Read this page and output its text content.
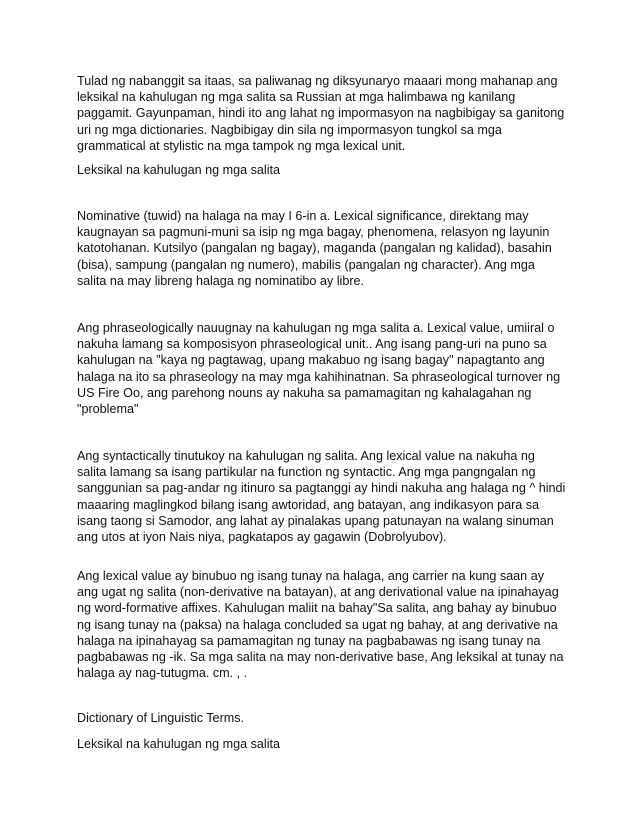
Tulad ng nabanggit sa itaas, sa paliwanag ng diksyunaryo maaari mong mahanap ang
leksikal na kahulugan ng mga salita sa Russian at mga halimbawa ng kanilang
paggamit. Gayunpaman, hindi ito ang lahat ng impormasyon na nagbibigay sa ganitong
uri ng mga dictionaries. Nagbibigay din sila ng impormasyon tungkol sa mga
grammatical at stylistic na mga tampok ng mga lexical unit.

Leksikal na kahulugan ng mga salita

Nominative (tuwid) na halaga na may I 6-in a. Lexical significance, direktang may
kaugnayan sa pagmuni-muni sa isip ng mga bagay, phenomena, relasyon ng layunin
katotohanan. Kutsilyo (pangalan ng bagay), maganda (pangalan ng kalidad), basahin
(bisa), sampung (pangalan ng numero), mabilis (pangalan ng character). Ang mga
salita na may libreng halaga ng nominatibo ay libre.

Ang phraseologically nauugnay na kahulugan ng mga salita a. Lexical value, umiiral o
nakuha lamang sa komposisyon phraseological unit.. Ang isang pang-uri na puno sa
kahulugan na "kaya ng pagtawag, upang makabuo ng isang bagay" napagtanto ang
halaga na ito sa phraseology na may mga kahihinatnan. Sa phraseological turnover ng
US Fire Oo, ang parehong nouns ay nakuha sa pamamagitan ng kahalagahan ng
"problema"

Ang syntactically tinutukoy na kahulugan ng salita. Ang lexical value na nakuha ng
salita lamang sa isang partikular na function ng syntactic. Ang mga pangngalan ng
sanggunian sa pag-andar ng itinuro sa pagtanggi ay hindi nakuha ang halaga ng ^ hindi
maaaring maglingkod bilang isang awtoridad, ang batayan, ang indikasyon para sa
isang taong si Samodor, ang lahat ay pinalakas upang patunayan na walang sinuman
ang utos at iyon Nais niya, pagkatapos ay gagawin (Dobrolyubov).

Ang lexical value ay binubuo ng isang tunay na halaga, ang carrier na kung saan ay
ang ugat ng salita (non-derivative na batayan), at ang derivational value na ipinahayag
ng word-formative affixes. Kahulugan maliit na bahay"Sa salita, ang bahay ay binubuo
ng isang tunay na (paksa) na halaga concluded sa ugat ng bahay, at ang derivative na
halaga na ipinahayag sa pamamagitan ng tunay na pagbabawas ng isang tunay na
pagbabawas ng -ik. Sa mga salita na may non-derivative base, Ang leksikal at tunay na
halaga ay nag-tutugma. cm. , .

Dictionary of Linguistic Terms.

Leksikal na kahulugan ng mga salita
